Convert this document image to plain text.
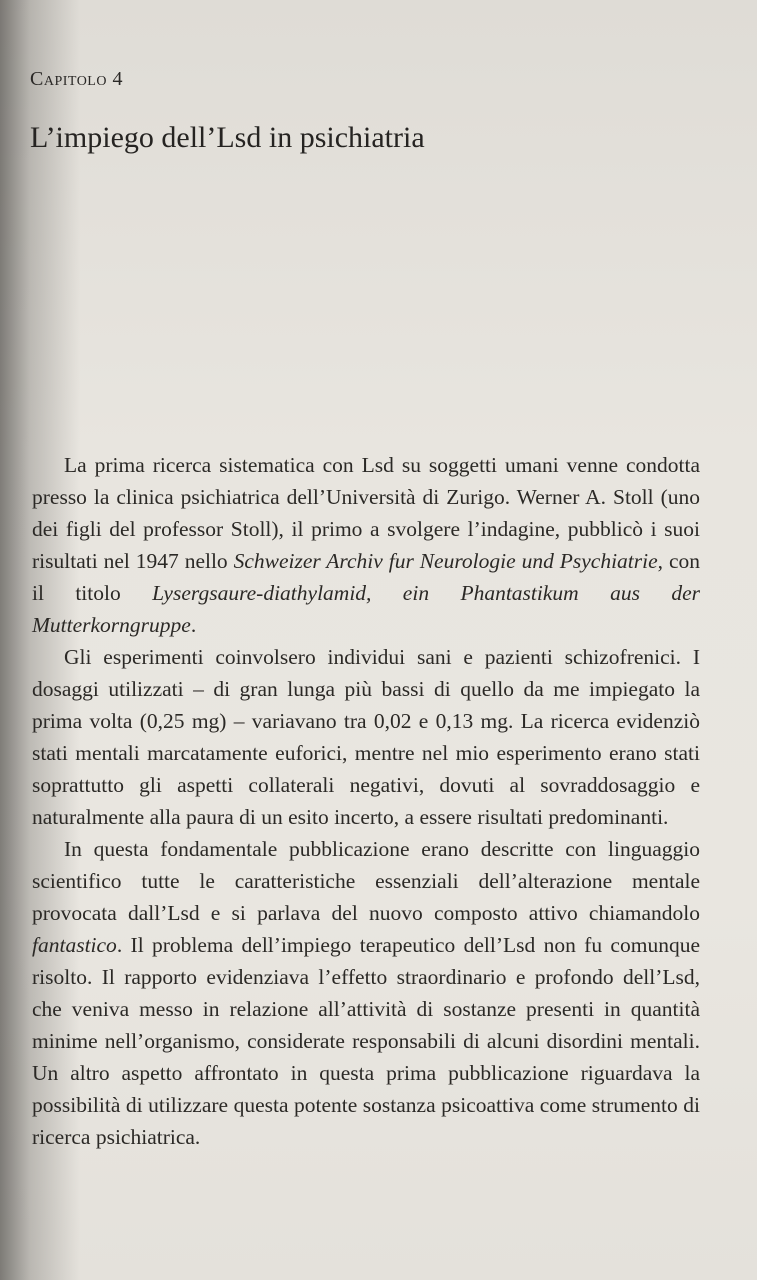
Capitolo 4
L’impiego dell’Lsd in psichiatria

La prima ricerca sistematica con Lsd su soggetti umani venne condotta presso la clinica psichiatrica dell’Università di Zurigo. Werner A. Stoll (uno dei figli del professor Stoll), il primo a svolgere l’indagine, pubblicò i suoi risultati nel 1947 nello Schweizer Archiv fur Neurologie und Psychiatrie, con il titolo Lysergsaure-diathylamid, ein Phantastikum aus der Mutterkorngruppe.

Gli esperimenti coinvolsero individui sani e pazienti schizofrenici. I dosaggi utilizzati – di gran lunga più bassi di quello da me impiegato la prima volta (0,25 mg) – variavano tra 0,02 e 0,13 mg. La ricerca evidenziò stati mentali marcatamente euforici, mentre nel mio esperimento erano stati soprattutto gli aspetti collaterali negativi, dovuti al sovraddosaggio e naturalmente alla paura di un esito incerto, a essere risultati predominanti.

In questa fondamentale pubblicazione erano descritte con linguaggio scientifico tutte le caratteristiche essenziali dell’alterazione mentale provocata dall’Lsd e si parlava del nuovo composto attivo chiamandolo fantastico. Il problema dell’impiego terapeutico dell’Lsd non fu comunque risolto. Il rapporto evidenziava l’effetto straordinario e profondo dell’Lsd, che veniva messo in relazione all’attività di sostanze presenti in quantità minime nell’organismo, considerate responsabili di alcuni disordini mentali. Un altro aspetto affrontato in questa prima pubblicazione riguardava la possibilità di utilizzare questa potente sostanza psicoattiva come strumento di ricerca psichiatrica.
